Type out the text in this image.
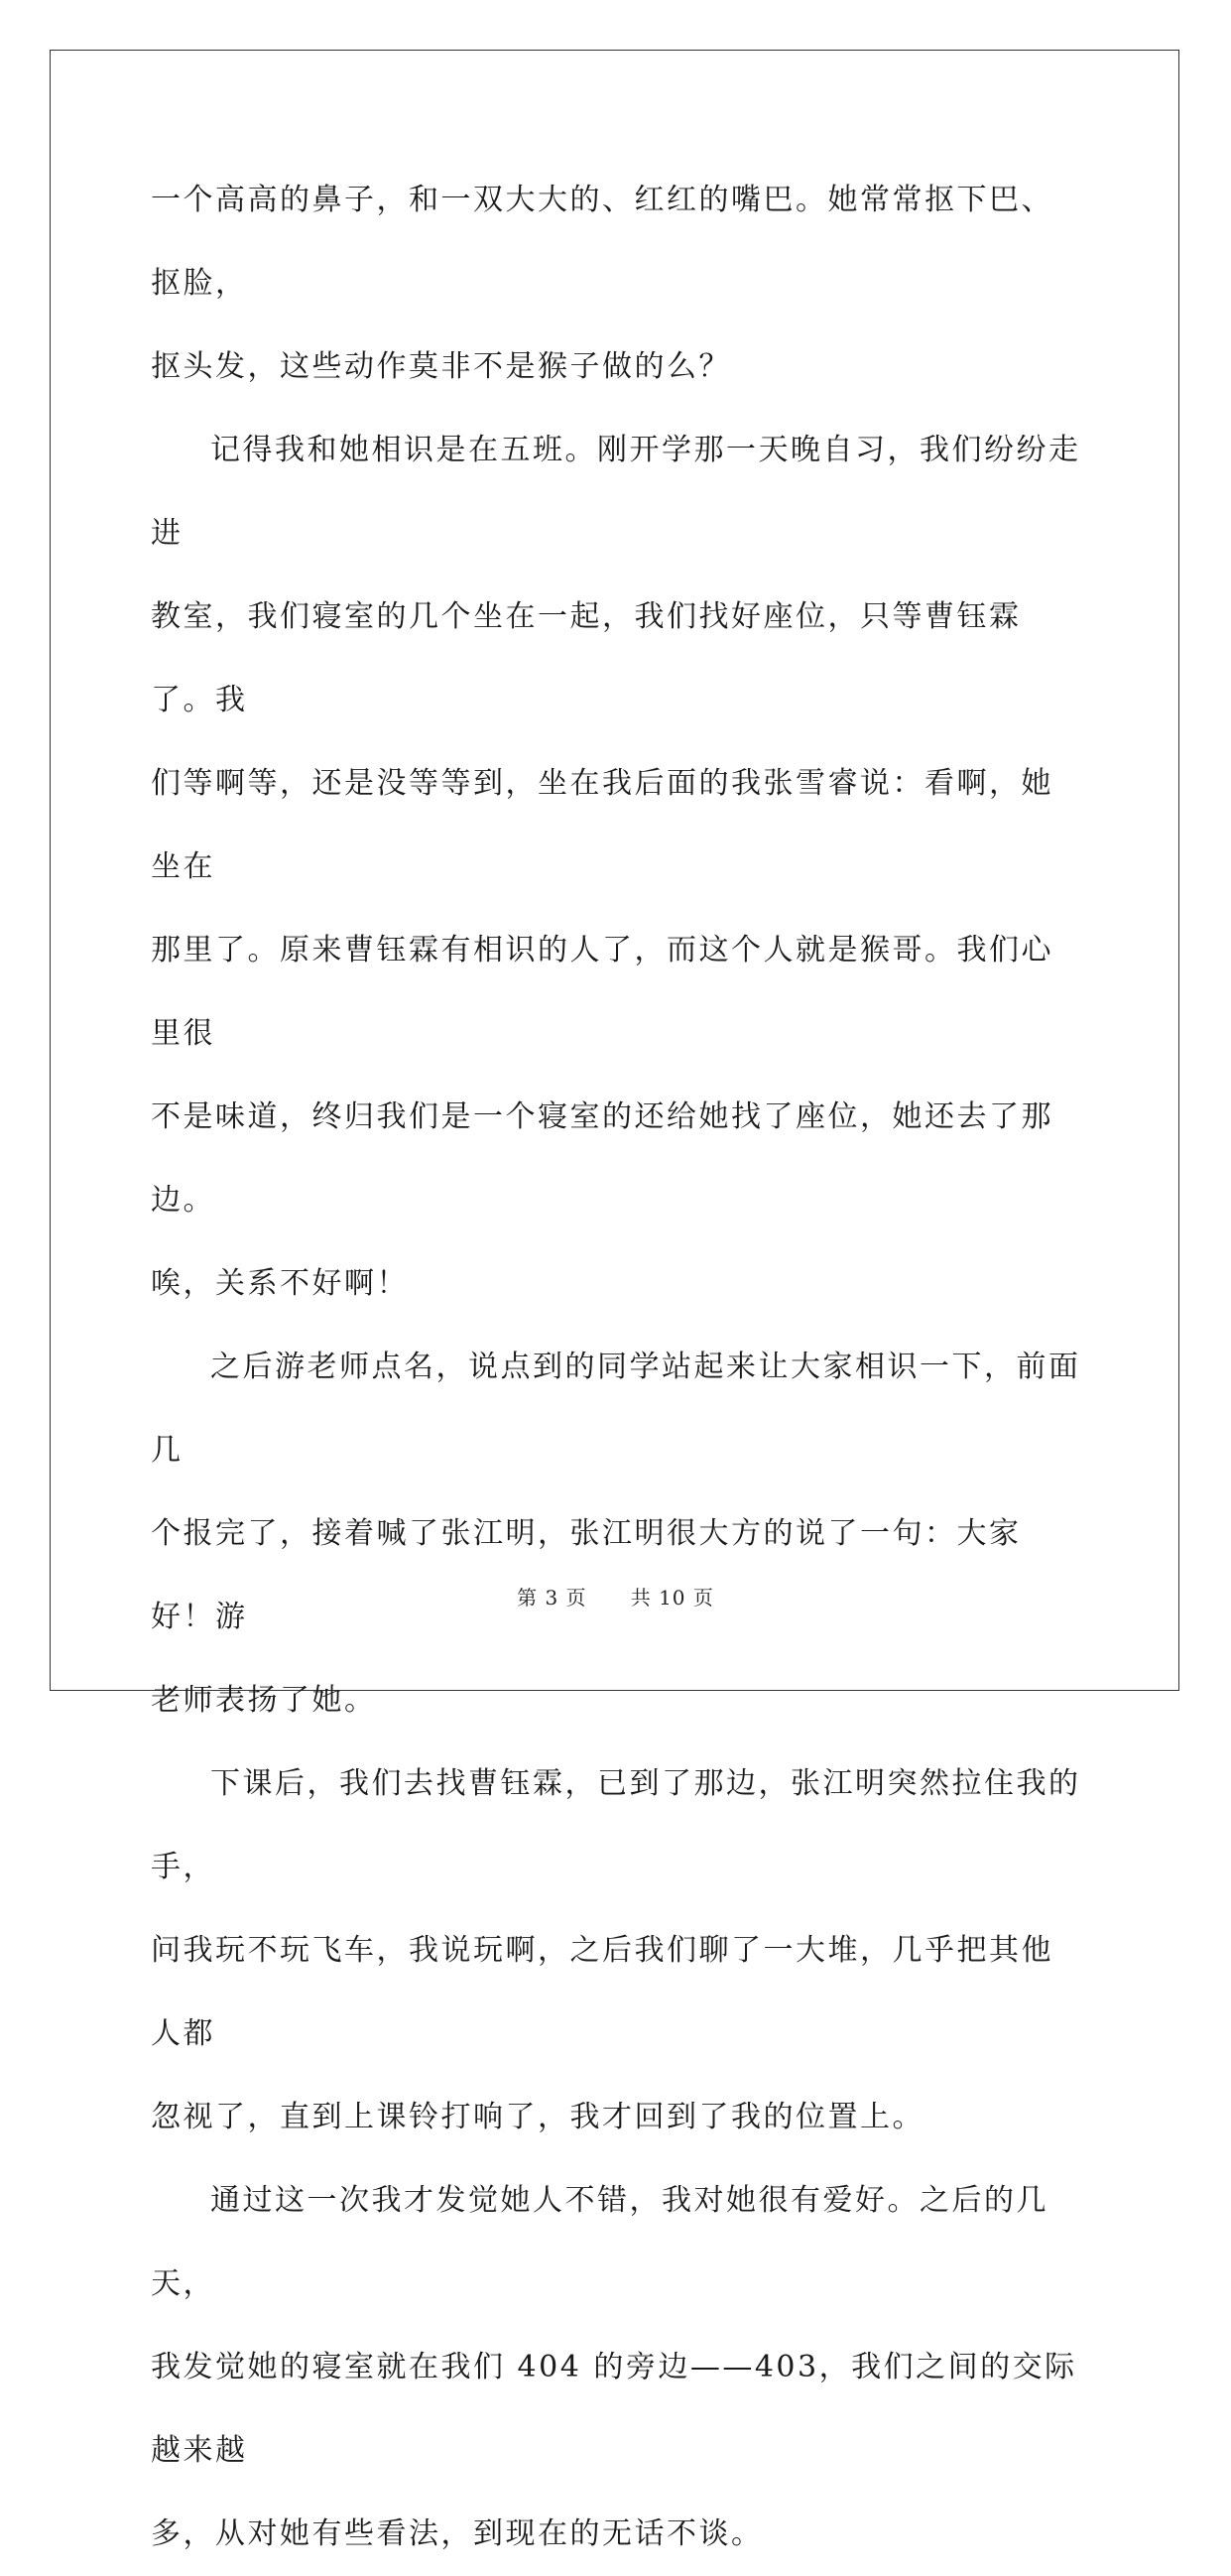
一个高高的鼻子，和一双大大的、红红的嘴巴。她常常抠下巴、抠脸，
抠头发，这些动作莫非不是猴子做的么？

记得我和她相识是在五班。刚开学那一天晚自习，我们纷纷走进
教室，我们寝室的几个坐在一起，我们找好座位，只等曹钰霖了。我
们等啊等，还是没等等到，坐在我后面的我张雪睿说：看啊，她坐在
那里了。原来曹钰霖有相识的人了，而这个人就是猴哥。我们心里很
不是味道，终归我们是一个寝室的还给她找了座位，她还去了那边。
唉，关系不好啊！

之后游老师点名，说点到的同学站起来让大家相识一下，前面几
个报完了，接着喊了张江明，张江明很大方的说了一句：大家好！游
老师表扬了她。

下课后，我们去找曹钰霖，已到了那边，张江明突然拉住我的手，
问我玩不玩飞车，我说玩啊，之后我们聊了一大堆，几乎把其他人都
忽视了，直到上课铃打响了，我才回到了我的位置上。

通过这一次我才发觉她人不错，我对她很有爱好。之后的几天，
我发觉她的寝室就在我们 404 的旁边——403，我们之间的交际越来越
多，从对她有些看法，到现在的无话不谈。

第 3 页 共 10 页
